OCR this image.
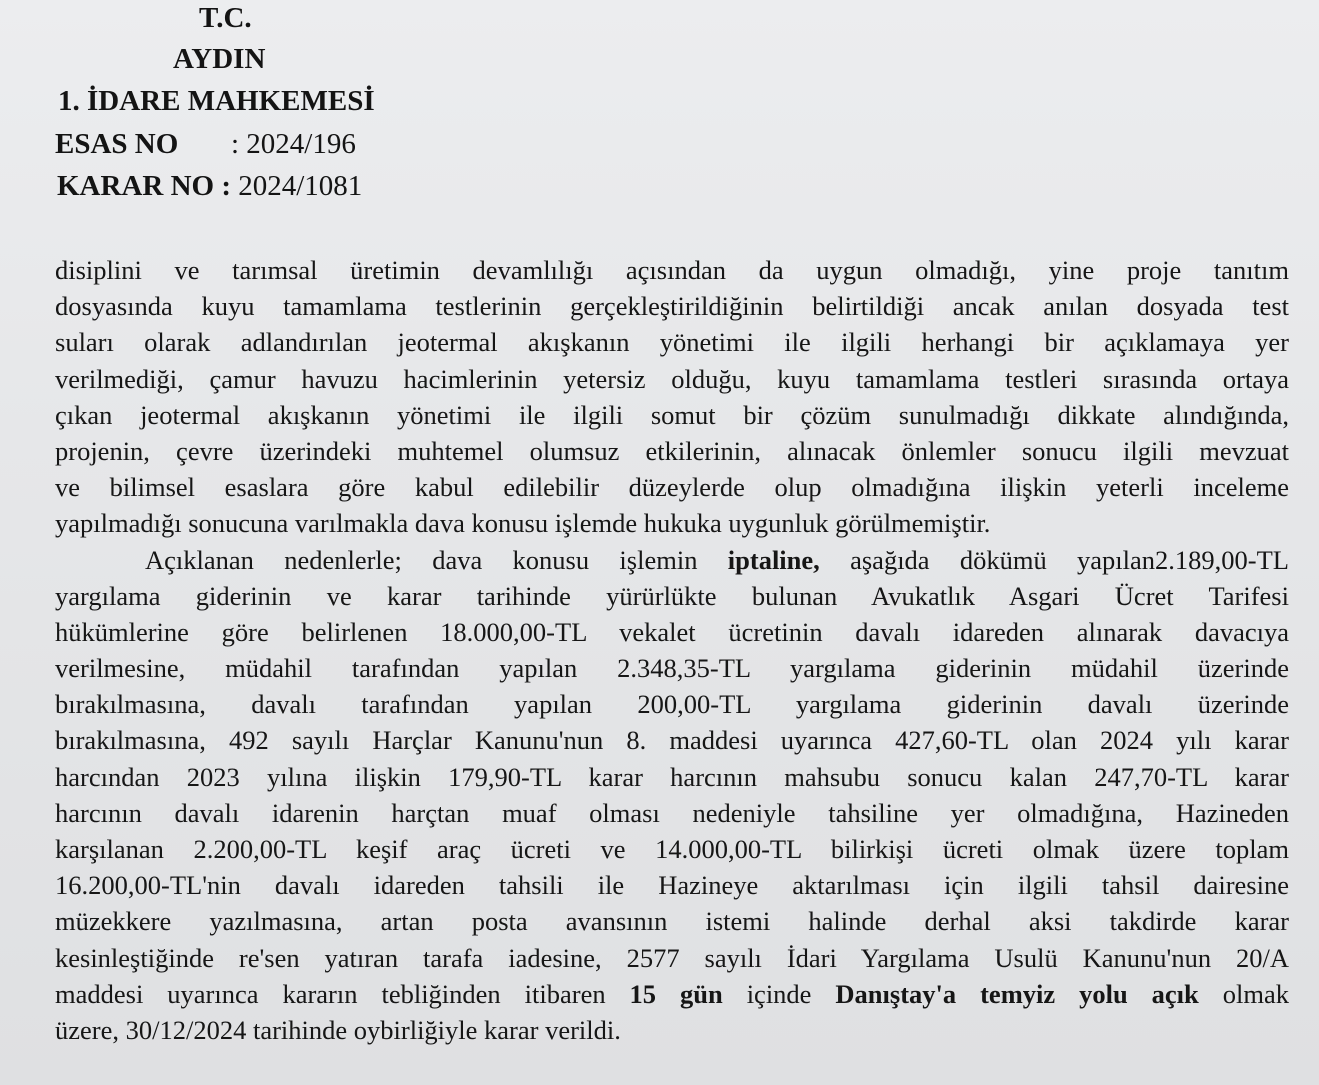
T.C.
AYDIN
1. İDARE MAHKEMESİ
ESAS NO : 2024/196
KARAR NO : 2024/1081
disiplini ve tarımsal üretimin devamlılığı açısından da uygun olmadığı, yine proje tanıtım
dosyasında kuyu tamamlama testlerinin gerçekleştirildiğinin belirtildiği ancak anılan dosyada test
suları olarak adlandırılan jeotermal akışkanın yönetimi ile ilgili herhangi bir açıklamaya yer
verilmediği, çamur havuzu hacimlerinin yetersiz olduğu, kuyu tamamlama testleri sırasında ortaya
çıkan jeotermal akışkanın yönetimi ile ilgili somut bir çözüm sunulmadığı dikkate alındığında,
projenin, çevre üzerindeki muhtemel olumsuz etkilerinin, alınacak önlemler sonucu ilgili mevzuat
ve bilimsel esaslara göre kabul edilebilir düzeylerde olup olmadığına ilişkin yeterli inceleme
yapılmadığı sonucuna varılmakla dava konusu işlemde hukuka uygunluk görülmemiştir.
Açıklanan nedenlerle; dava konusu işlemin iptaline, aşağıda dökümü yapılan2.189,00-TL
yargılama giderinin ve karar tarihinde yürürlükte bulunan Avukatlık Asgari Ücret Tarifesi
hükümlerine göre belirlenen 18.000,00-TL vekalet ücretinin davalı idareden alınarak davacıya
verilmesine, müdahil tarafından yapılan 2.348,35-TL yargılama giderinin müdahil üzerinde
bırakılmasına, davalı tarafından yapılan 200,00-TL yargılama giderinin davalı üzerinde
bırakılmasına, 492 sayılı Harçlar Kanunu'nun 8. maddesi uyarınca 427,60-TL olan 2024 yılı karar
harcından 2023 yılına ilişkin 179,90-TL karar harcının mahsubu sonucu kalan 247,70-TL karar
harcının davalı idarenin harçtan muaf olması nedeniyle tahsiline yer olmadığına, Hazineden
karşılanan 2.200,00-TL keşif araç ücreti ve 14.000,00-TL bilirkişi ücreti olmak üzere toplam
16.200,00-TL'nin davalı idareden tahsili ile Hazineye aktarılması için ilgili tahsil dairesine
müzekkere yazılmasına, artan posta avansının istemi halinde derhal aksi takdirde karar
kesinleştiğinde re'sen yatıran tarafa iadesine, 2577 sayılı İdari Yargılama Usulü Kanunu'nun 20/A
maddesi uyarınca kararın tebliğinden itibaren 15 gün içinde Danıştay'a temyiz yolu açık olmak
üzere, 30/12/2024 tarihinde oybirliğiyle karar verildi.
